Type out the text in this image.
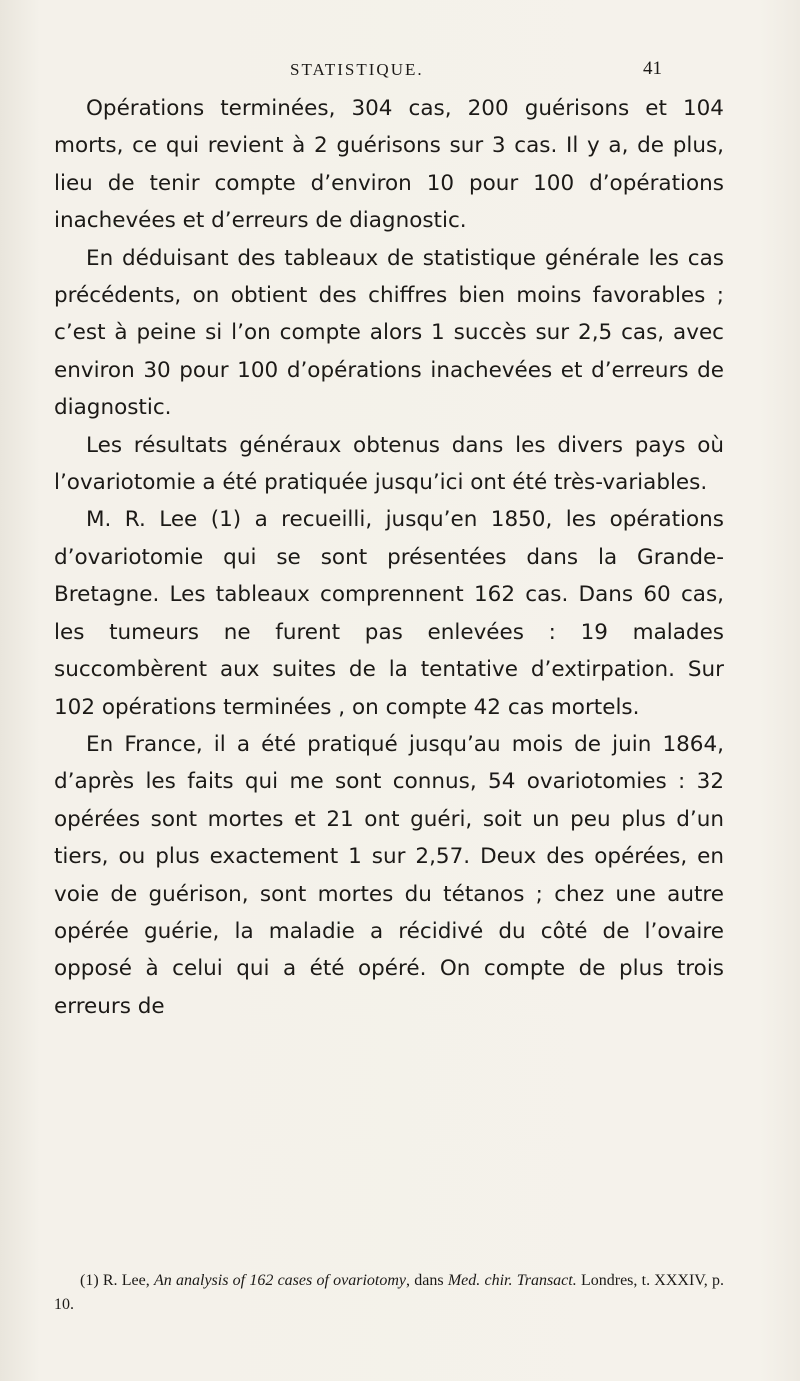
STATISTIQUE.	41

Opérations terminées, 304 cas, 200 guérisons et 104 morts, ce qui revient à 2 guérisons sur 3 cas. Il y a, de plus, lieu de tenir compte d’environ 10 pour 100 d’opérations inachevées et d’erreurs de diagnostic.

En déduisant des tableaux de statistique générale les cas précédents, on obtient des chiffres bien moins favorables ; c’est à peine si l’on compte alors 1 succès sur 2,5 cas, avec environ 30 pour 100 d’opérations inachevées et d’erreurs de diagnostic.

Les résultats généraux obtenus dans les divers pays où l’ovariotomie a été pratiquée jusqu’ici ont été très-variables.

M. R. Lee (1) a recueilli, jusqu’en 1850, les opérations d’ovariotomie qui se sont présentées dans la Grande-Bretagne. Les tableaux comprennent 162 cas. Dans 60 cas, les tumeurs ne furent pas enlevées : 19 malades succombèrent aux suites de la tentative d’extirpation. Sur 102 opérations terminées , on compte 42 cas mortels.

En France, il a été pratiqué jusqu’au mois de juin 1864, d’après les faits qui me sont connus, 54 ovariotomies : 32 opérées sont mortes et 21 ont guéri, soit un peu plus d’un tiers, ou plus exactement 1 sur 2,57. Deux des opérées, en voie de guérison, sont mortes du tétanos ; chez une autre opérée guérie, la maladie a récidivé du côté de l’ovaire opposé à celui qui a été opéré. On compte de plus trois erreurs de

(1) R. Lee, An analysis of 162 cases of ovariotomy, dans Med. chir. Transact. Londres, t. XXXIV, p. 10.
